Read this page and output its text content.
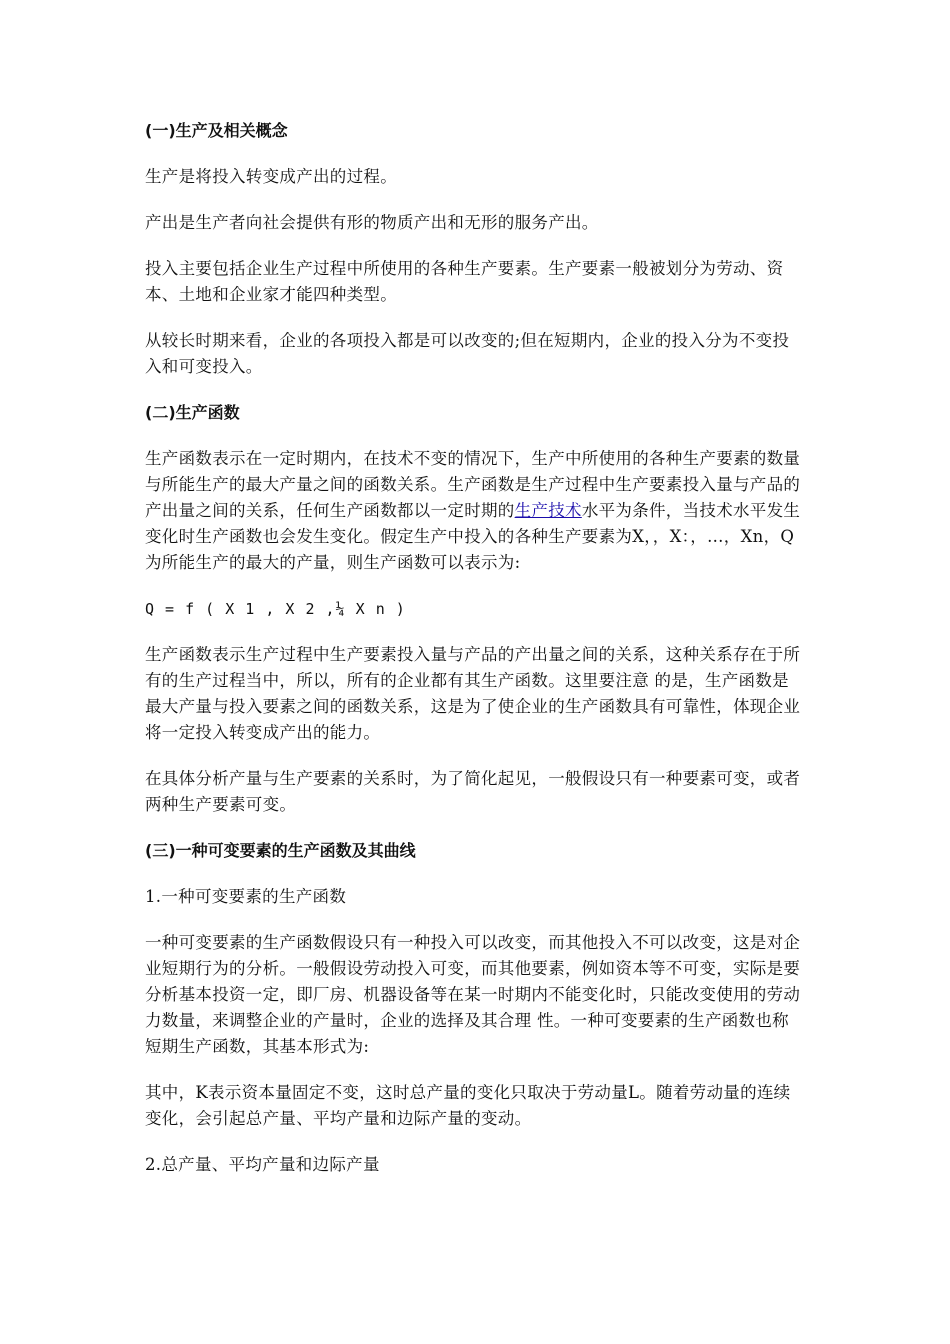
(一)生产及相关概念
生产是将投入转变成产出的过程。
产出是生产者向社会提供有形的物质产出和无形的服务产出。
投入主要包括企业生产过程中所使用的各种生产要素。生产要素一般被划分为劳动、资本、土地和企业家才能四种类型。
从较长时期来看，企业的各项投入都是可以改变的;但在短期内，企业的投入分为不变投入和可变投入。
(二)生产函数
生产函数表示在一定时期内，在技术不变的情况下，生产中所使用的各种生产要素的数量与所能生产的最大产量之间的函数关系。生产函数是生产过程中生产要素投入量与产品的产出量之间的关系，任何生产函数都以一定时期的生产技术水平为条件，当技术水平发生变化时生产函数也会发生变化。假定生产中投入的各种生产要素为X，，X：，…，Xn，Q为所能生产的最大的产量，则生产函数可以表示为:
Q = f ( X 1 , X 2 ,¼ X n )
生产函数表示生产过程中生产要素投入量与产品的产出量之间的关系，这种关系存在于所有的生产过程当中，所以，所有的企业都有其生产函数。这里要注意 的是，生产函数是最大产量与投入要素之间的函数关系，这是为了使企业的生产函数具有可靠性，体现企业将一定投入转变成产出的能力。
在具体分析产量与生产要素的关系时，为了简化起见，一般假设只有一种要素可变，或者两种生产要素可变。
(三)一种可变要素的生产函数及其曲线
1.一种可变要素的生产函数
一种可变要素的生产函数假设只有一种投入可以改变，而其他投入不可以改变，这是对企业短期行为的分析。一般假设劳动投入可变，而其他要素，例如资本等不可变，实际是要分析基本投资一定，即厂房、机器设备等在某一时期内不能变化时，只能改变使用的劳动力数量，来调整企业的产量时，企业的选择及其合理 性。一种可变要素的生产函数也称短期生产函数，其基本形式为:
其中，K表示资本量固定不变，这时总产量的变化只取决于劳动量L。随着劳动量的连续变化，会引起总产量、平均产量和边际产量的变动。
2.总产量、平均产量和边际产量
